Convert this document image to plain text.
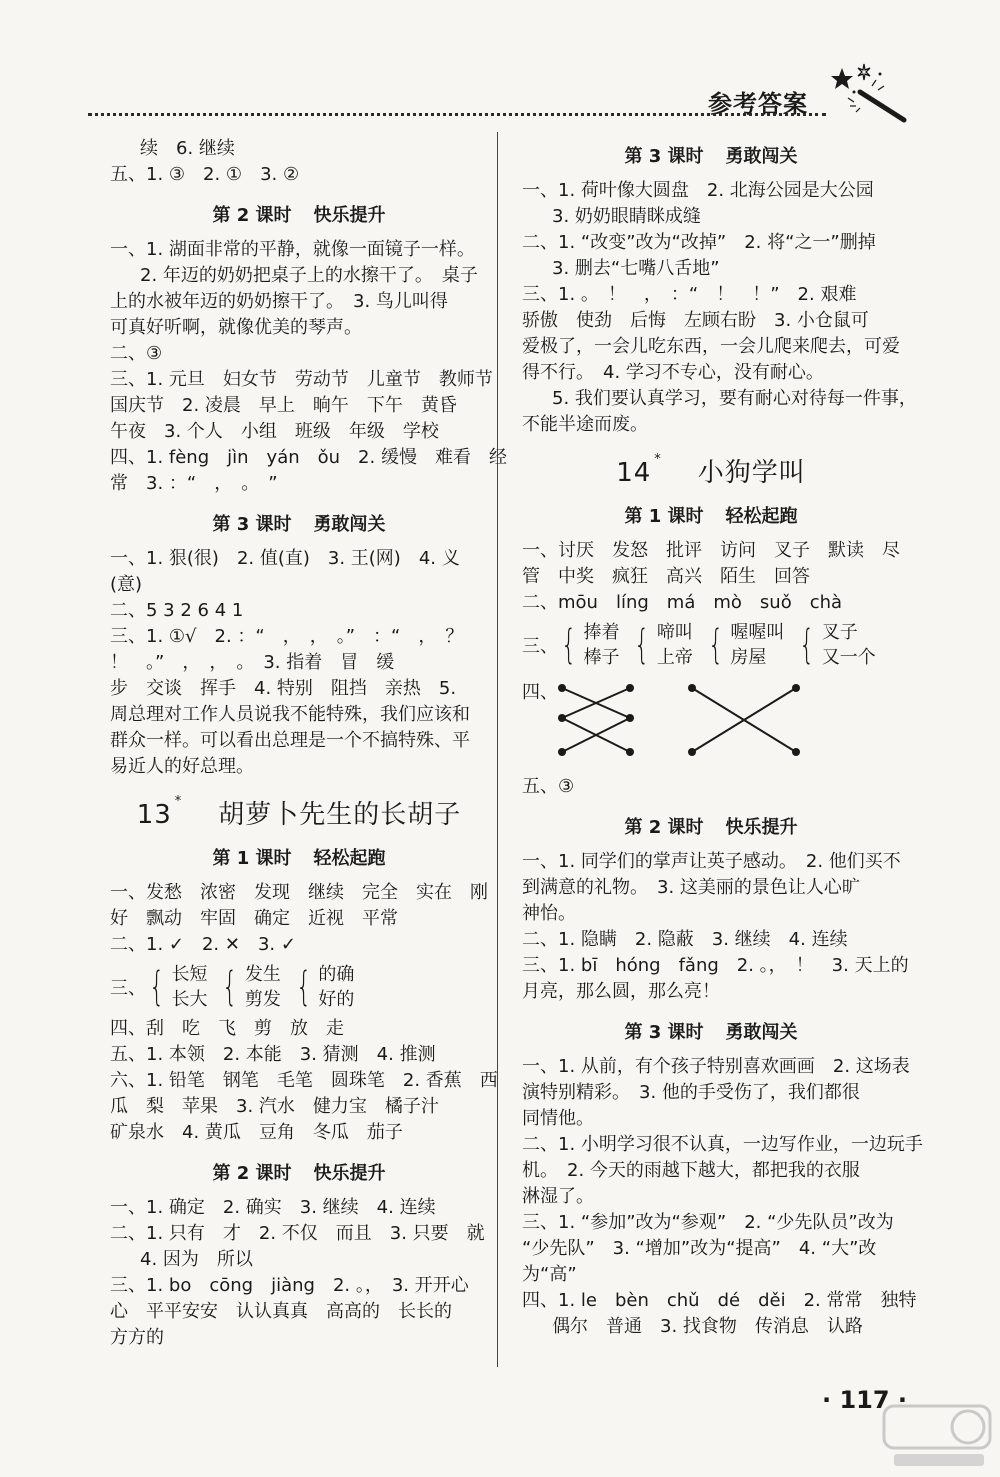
参考答案
续　6. 继续
五、1. ③　2. ①　3. ②
第 2 课时 快乐提升
一、1. 湖面非常的平静，就像一面镜子一样。
2. 年迈的奶奶把桌子上的水擦干了。　桌子
上的水被年迈的奶奶擦干了。　3. 鸟儿叫得
可真好听啊，就像优美的琴声。
二、③
三、1. 元旦　妇女节　劳动节　儿童节　教师节
国庆节　2. 凌晨　早上　晌午　下午　黄昏
午夜　3. 个人　小组　班级　年级　学校
四、1. fèng　jìn　yán　ǒu　2. 缓慢　难看　经
常　3. ：“　，　。　”
第 3 课时 勇敢闯关
一、1. 狠(很)　2. 值(直)　3. 王(网)　4. 义
(意)
二、5 3 2 6 4 1
三、1. ①√　2. ：“　，　，　。”　：“　，　？
！　。”　，　，　。　3. 指着　冒　缓
步　交谈　挥手　4. 特别　阻挡　亲热　5.
周总理对工作人员说我不能特殊，我们应该和
群众一样。可以看出总理是一个不搞特殊、平
易近人的好总理。
13 * 胡萝卜先生的长胡子
第 1 课时 轻松起跑
一、发愁　浓密　发现　继续　完全　实在　刚
好　飘动　牢固　确定　近视　平常
二、1. ✓　2. ✕　3. ✓
三、 { 长短
长大 { 发生
剪发 { 的确
好的
四、刮　吃　飞　剪　放　走
五、1. 本领　2. 本能　3. 猜测　4. 推测
六、1. 铅笔　钢笔　毛笔　圆珠笔　2. 香蕉　西
瓜　梨　苹果　3. 汽水　健力宝　橘子汁
矿泉水　4. 黄瓜　豆角　冬瓜　茄子
第 2 课时 快乐提升
一、1. 确定　2. 确实　3. 继续　4. 连续
二、1. 只有　才　2. 不仅　而且　3. 只要　就
4. 因为　所以
三、1. bo　cōng　jiàng　2. 。，　3. 开开心
心　平平安安　认认真真　高高的　长长的
方方的
第 3 课时 勇敢闯关
一、1. 荷叶像大圆盘　2. 北海公园是大公园
3. 奶奶眼睛眯成缝
二、1. “改变”改为“改掉”　2. 将“之一”删掉
3. 删去“七嘴八舌地”
三、1. 。　！　，　：“　！　！”　2. 艰难
骄傲　使劲　后悔　左顾右盼　3. 小仓鼠可
爱极了，一会儿吃东西，一会儿爬来爬去，可爱
得不行。　4. 学习不专心，没有耐心。
5. 我们要认真学习，要有耐心对待每一件事，
不能半途而废。
14 * 小狗学叫
第 1 课时 轻松起跑
一、讨厌　发怒　批评　访问　叉子　默读　尽
管　中奖　疯狂　高兴　陌生　回答
二、mōu　líng　má　mò　suǒ　chà
三、 { 捧着
棒子 { 啼叫
上帝 { 喔喔叫
房屋 { 叉子
又一个
四、
五、③
第 2 课时 快乐提升
一、1. 同学们的掌声让英子感动。　2. 他们买不
到满意的礼物。　3. 这美丽的景色让人心旷
神怡。
二、1. 隐瞒　2. 隐蔽　3. 继续　4. 连续
三、1. bī　hóng　fǎng　2. 。，　！　3. 天上的
月亮，那么圆，那么亮！
第 3 课时 勇敢闯关
一、1. 从前，有个孩子特别喜欢画画　2. 这场表
演特别精彩。　3. 他的手受伤了，我们都很
同情他。
二、1. 小明学习很不认真，一边写作业，一边玩手
机。　2. 今天的雨越下越大，都把我的衣服
淋湿了。
三、1. “参加”改为“参观”　2. “少先队员”改为
“少先队”　3. “增加”改为“提高”　4. “大”改
为“高”
四、1. le　bèn　chǔ　dé　děi　2. 常常　独特
偶尔　普通　3. 找食物　传消息　认路
· 117 ·
